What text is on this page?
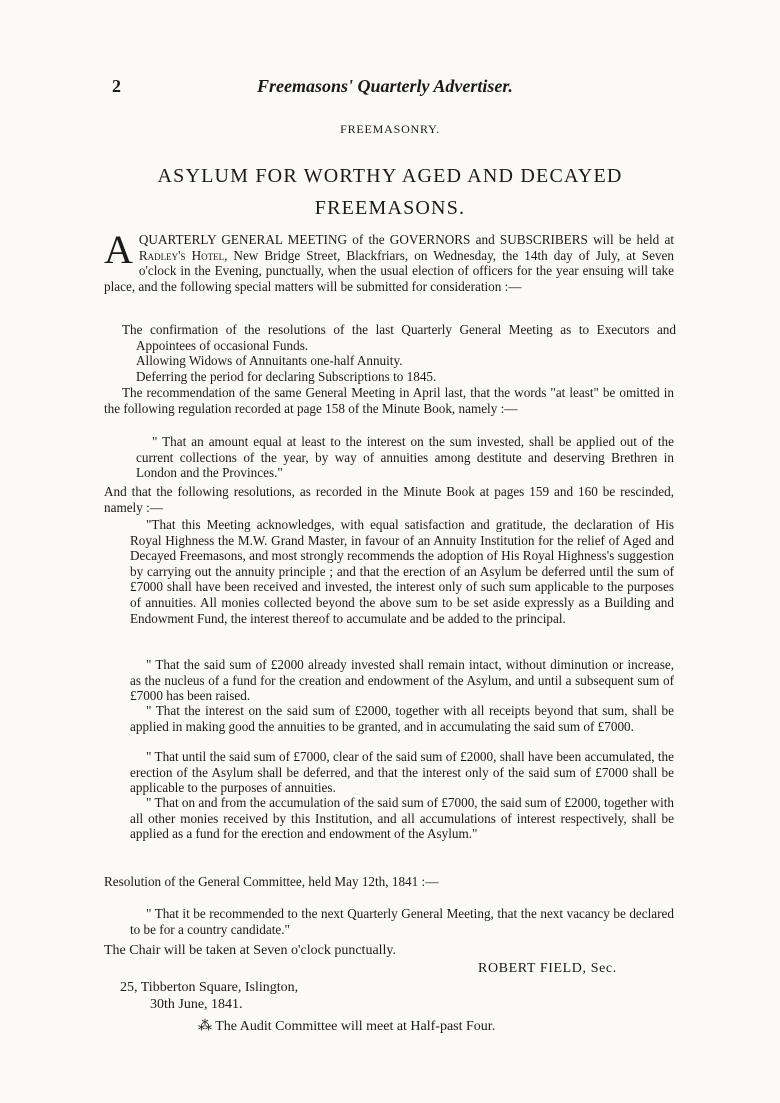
2	Freemasons' Quarterly Advertiser.
FREEMASONRY.
ASYLUM FOR WORTHY AGED AND DECAYED
FREEMASONS.

AQUARTERLY GENERAL MEETING of the GOVERNORS and SUBSCRIBERS will be held at Radley's Hotel, New Bridge Street, Blackfriars, on Wednesday, the 14th day of July, at Seven o'clock in the Evening, punctually, when the usual election of officers for the year ensuing will take place, and the following special matters will be submitted for consideration :—

The confirmation of the resolutions of the last Quarterly General Meeting as to Executors and Appointees of occasional Funds.

Allowing Widows of Annuitants one-half Annuity.

Deferring the period for declaring Subscriptions to 1845.

The recommendation of the same General Meeting in April last, that the words "at least" be omitted in the following regulation recorded at page 158 of the Minute Book, namely :—

" That an amount equal at least to the interest on the sum invested, shall be applied out of the current collections of the year, by way of annuities among destitute and deserving Brethren in London and the Provinces."

And that the following resolutions, as recorded in the Minute Book at pages 159 and 160 be rescinded, namely :—

"That this Meeting acknowledges, with equal satisfaction and gratitude, the declaration of His Royal Highness the M.W. Grand Master, in favour of an Annuity Institution for the relief of Aged and Decayed Freemasons, and most strongly recommends the adoption of His Royal Highness's suggestion by carrying out the annuity principle ; and that the erection of an Asylum be deferred until the sum of £7000 shall have been received and invested, the interest only of such sum applicable to the purposes of annuities. All monies collected beyond the above sum to be set aside expressly as a Building and Endowment Fund, the interest thereof to accumulate and be added to the principal.

" That the said sum of £2000 already invested shall remain intact, without diminution or increase, as the nucleus of a fund for the creation and endowment of the Asylum, and until a subsequent sum of £7000 has been raised.

" That the interest on the said sum of £2000, together with all receipts beyond that sum, shall be applied in making good the annuities to be granted, and in accumulating the said sum of £7000.

" That until the said sum of £7000, clear of the said sum of £2000, shall have been accumulated, the erection of the Asylum shall be deferred, and that the interest only of the said sum of £7000 shall be applicable to the purposes of annuities.

" That on and from the accumulation of the said sum of £7000, the said sum of £2000, together with all other monies received by this Institution, and all accumulations of interest respectively, shall be applied as a fund for the erection and endowment of the Asylum."

Resolution of the General Committee, held May 12th, 1841 :—

" That it be recommended to the next Quarterly General Meeting, that the next vacancy be declared to be for a country candidate."

The Chair will be taken at Seven o'clock punctually.

ROBERT FIELD, Sec.
25, Tibberton Square, Islington,
30th June, 1841.
⁂ The Audit Committee will meet at Half-past Four.
